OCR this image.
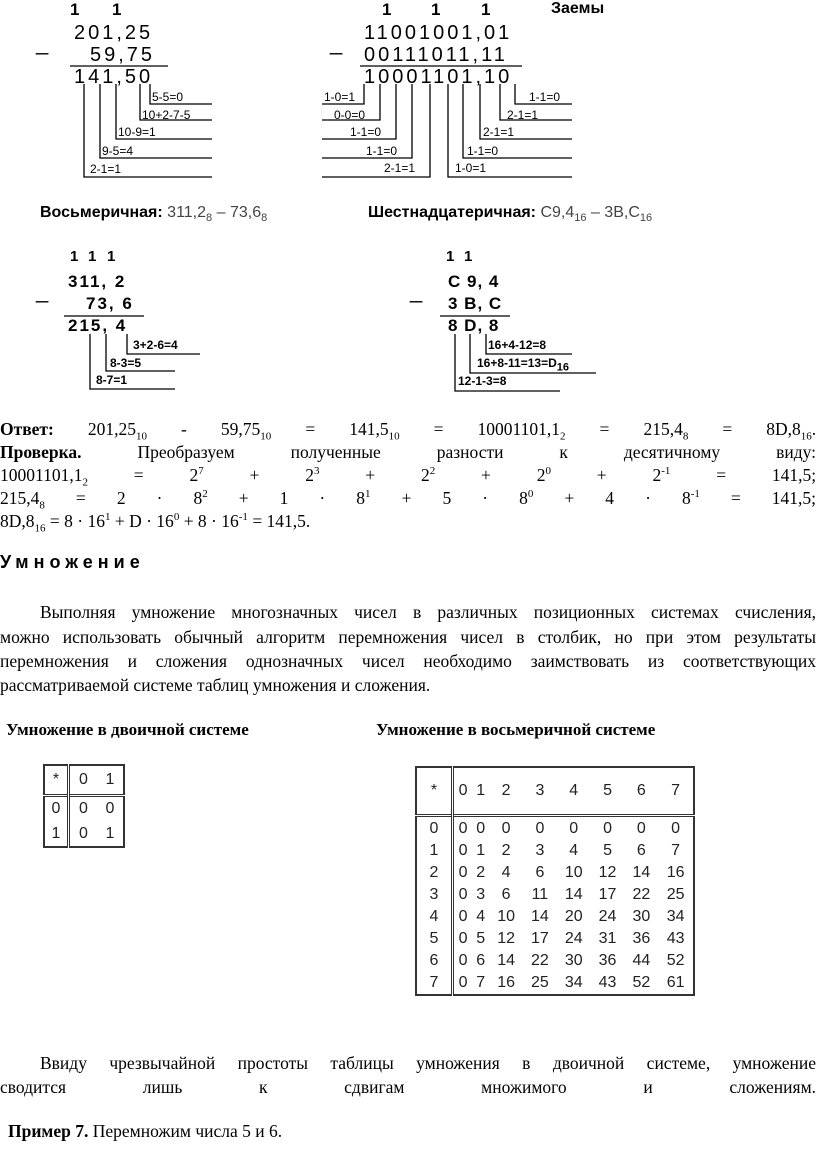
1 1
_ 201,25
59,75
141,50
5-5=0
10+2-7-5
10-9=1
9-5=4
2-1=1
1 1 1	Заемы
_ 11001001,01
00111011,11
10001101,10
1-0=1
0-0=0
1-1=0
1-1=0
2-1=1
1-1=0
2-1=1
2-1=1
1-1=0
1-0=1
Восьмеричная: $311,2_8 - 73,6_8$	Шестнадцатеричная: $C9,4_{16} - 3B,C_{16}$
1 1 1
_ 311, 2
73, 6
215, 4
3+2-6=4
8-3=5
8-7=1
1 1
_ C 9, 4
3 B, C
8 D, 8
16+4-12=8
$16+8-11=13=D_{16}$
12-1-3=8
Ответ: $201,25_{10} - 59,75_{10} = 141,5_{10} = 10001101,1_2 = 215,4_8 = 8D,8_{16}$.
Проверка.	Преобразуем	полученные	разности	к	десятичному	виду:
$10001101,1_2$	=	$2^7$	+	$2^3$	+	$2^2$	+	$2^0$	+	$2^{-1}$	=	141,5;
$215,4_8 = 2 \cdot 8^2 + 1 \cdot 8^1 + 5 \cdot 8^0 + 4 \cdot 8^{-1} = 141,5$;
$8D,8_{16} = 8 \cdot 16^1 + D \cdot 16^0 + 8 \cdot 16^{-1} = 141,5$.
Умножение
Выполняя умножение многозначных чисел в различных позиционных системах счисления,
можно использовать обычный алгоритм перемножения чисел в столбик, но при этом результаты
перемножения и сложения однозначных чисел необходимо заимствовать из соответствующих
рассматриваемой системе таблиц умножения и сложения.
Умножение в двоичной системе	Умножение в восьмеричной системе
*	0	1
0	0	0
1	0	1
*	0	1	2	3	4	5	6	7
0	0	0	0	0	0	0	0	0
1	0	1	2	3	4	5	6	7
2	0	2	4	6	10	12	14	16
3	0	3	6	11	14	17	22	25
4	0	4	10	14	20	24	30	34
5	0	5	12	17	24	31	36	43
6	0	6	14	22	30	36	44	52
7	0	7	16	25	34	43	52	61
Ввиду чрезвычайной простоты таблицы умножения в двоичной системе, умножение
сводится	лишь	к	сдвигам	множимого	и	сложениям.
Пример 7. Перемножим числа 5 и 6.
